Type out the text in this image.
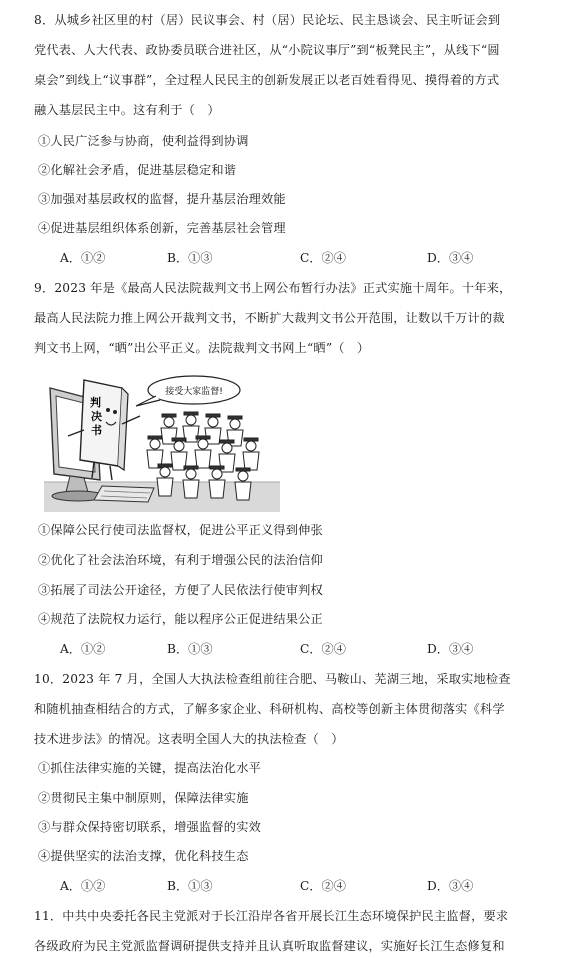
8．从城乡社区里的村（居）民议事会、村（居）民论坛、民主恳谈会、民主听证会到
党代表、人大代表、政协委员联合进社区，从“小院议事厅”到“板凳民主”，从线下“圆
桌会”到线上“议事群”，全过程人民民主的创新发展正以老百姓看得见、摸得着的方式
融入基层民主中。这有利于（　）
①人民广泛参与协商，使利益得到协调
②化解社会矛盾，促进基层稳定和谐
③加强对基层政权的监督，提升基层治理效能
④促进基层组织体系创新，完善基层社会管理
A．①②	B．①③	C．②④	D．③④
9．2023 年是《最高人民法院裁判文书上网公布暂行办法》正式实施十周年。十年来，
最高人民法院力推上网公开裁判文书，不断扩大裁判文书公开范围，让数以千万计的裁
判文书上网，“晒”出公平正义。法院裁判文书网上“晒”（　）
判
决
书
接受大家监督!
①保障公民行使司法监督权，促进公平正义得到伸张
②优化了社会法治环境，有利于增强公民的法治信仰
③拓展了司法公开途径，方便了人民依法行使审判权
④规范了法院权力运行，能以程序公正促进结果公正
A．①②	B．①③	C．②④	D．③④
10．2023 年 7 月，全国人大执法检查组前往合肥、马鞍山、芜湖三地，采取实地检查
和随机抽查相结合的方式，了解多家企业、科研机构、高校等创新主体贯彻落实《科学
技术进步法》的情况。这表明全国人大的执法检查（　）
①抓住法律实施的关键，提高法治化水平
②贯彻民主集中制原则，保障法律实施
③与群众保持密切联系，增强监督的实效
④提供坚实的法治支撑，优化科技生态
A．①②	B．①③	C．②④	D．③④
11．中共中央委托各民主党派对于长江沿岸各省开展长江生态环境保护民主监督，要求
各级政府为民主党派监督调研提供支持并且认真听取监督建议，实施好长江生态修复和
